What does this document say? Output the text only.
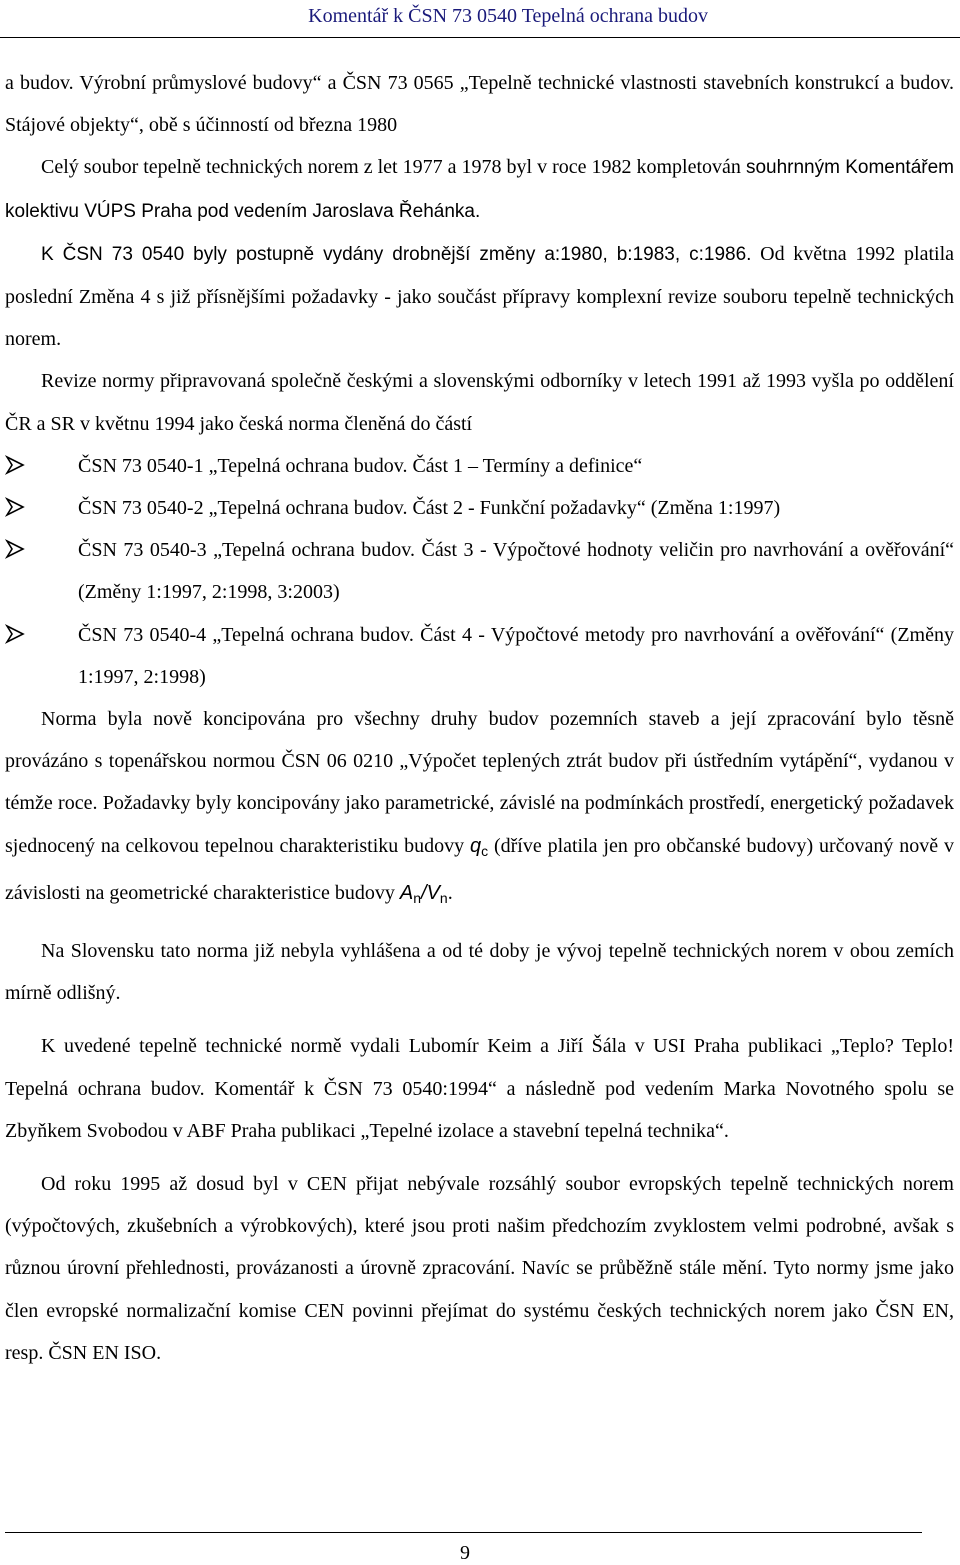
Komentář k ČSN 73 0540 Tepelná ochrana budov

a budov. Výrobní průmyslové budovy“ a ČSN 73 0565 „Tepelně technické vlastnosti stavebních konstrukcí a budov. Stájové objekty“, obě s účinností od března 1980

Celý soubor tepelně technických norem z let 1977 a 1978 byl v roce 1982 kompletován souhrnným Komentářem kolektivu VÚPS Praha pod vedením Jaroslava Řehánka.

K ČSN 73 0540 byly postupně vydány drobnější změny a:1980, b:1983, c:1986. Od května 1992 platila poslední Změna 4 s již přísnějšími požadavky - jako součást přípravy komplexní revize souboru tepelně technických norem.

Revize normy připravovaná společně českými a slovenskými odborníky v letech 1991 až 1993 vyšla po oddělení ČR a SR v květnu 1994 jako česká norma členěná do částí

ČSN 73 0540-1 „Tepelná ochrana budov. Část 1 – Termíny a definice“
ČSN 73 0540-2 „Tepelná ochrana budov. Část 2 - Funkční požadavky“ (Změna 1:1997)
ČSN 73 0540-3 „Tepelná ochrana budov. Část 3 - Výpočtové hodnoty veličin pro navrhování a ověřování“ (Změny 1:1997, 2:1998, 3:2003)
ČSN 73 0540-4 „Tepelná ochrana budov. Část 4 - Výpočtové metody pro navrhování a ověřování“ (Změny 1:1997, 2:1998)

Norma byla nově koncipována pro všechny druhy budov pozemních staveb a její zpracování bylo těsně provázáno s topenářskou normou ČSN 06 0210 „Výpočet teplených ztrát budov při ústředním vytápění“, vydanou v témže roce. Požadavky byly koncipovány jako parametrické, závislé na podmínkách prostředí, energetický požadavek sjednocený na celkovou tepelnou charakteristiku budovy $q_c$ (dříve platila jen pro občanské budovy) určovaný nově v závislosti na geometrické charakteristice budovy $A_n/V_n$.

Na Slovensku tato norma již nebyla vyhlášena a od té doby je vývoj tepelně technických norem v obou zemích mírně odlišný.

K uvedené tepelně technické normě vydali Lubomír Keim a Jiří Šála v USI Praha publikaci „Teplo? Teplo! Tepelná ochrana budov. Komentář k ČSN 73 0540:1994“ a následně pod vedením Marka Novotného spolu se Zbyňkem Svobodou v ABF Praha publikaci „Tepelné izolace a stavební tepelná technika“.

Od roku 1995 až dosud byl v CEN přijat nebývale rozsáhlý soubor evropských tepelně technických norem (výpočtových, zkušebních a výrobkových), které jsou proti našim předchozím zvyklostem velmi podrobné, avšak s různou úrovní přehlednosti, provázanosti a úrovně zpracování. Navíc se průběžně stále mění. Tyto normy jsme jako člen evropské normalizační komise CEN povinni přejímat do systému českých technických norem jako ČSN EN, resp. ČSN EN ISO.

9
